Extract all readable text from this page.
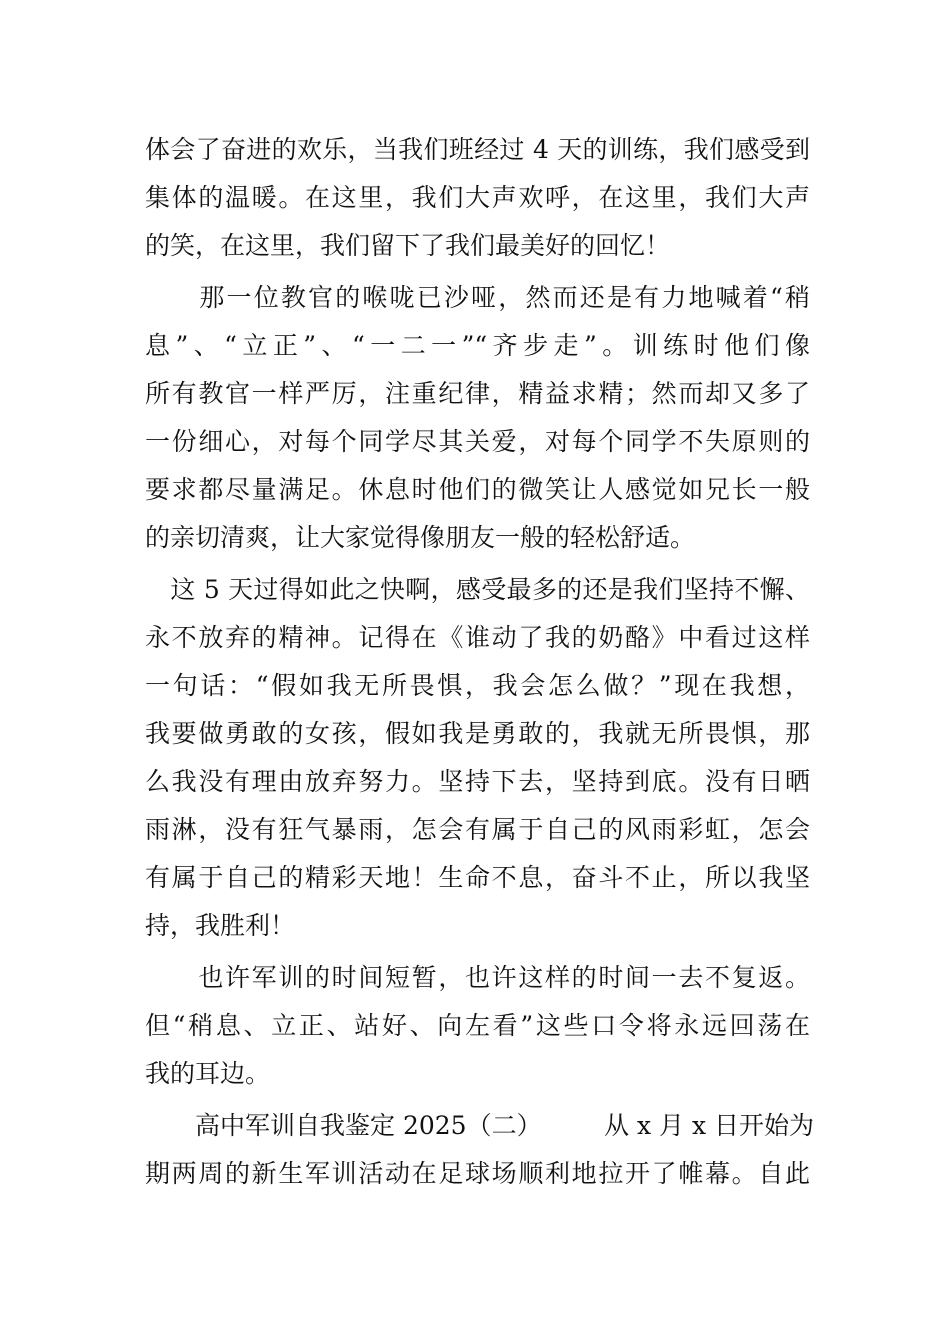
体会了奋进的欢乐，当我们班经过 4 天的训练，我们感受到
集体的温暖。在这里，我们大声欢呼，在这里，我们大声
的笑，在这里，我们留下了我们最美好的回忆！
　　那一位教官的喉咙已沙哑，然而还是有力地喊着“稍
息”、“立正”、“一二一”“齐步走”。训练时他们像
所有教官一样严厉，注重纪律，精益求精；然而却又多了
一份细心，对每个同学尽其关爱，对每个同学不失原则的
要求都尽量满足。休息时他们的微笑让人感觉如兄长一般
的亲切清爽，让大家觉得像朋友一般的轻松舒适。
　这 5 天过得如此之快啊，感受最多的还是我们坚持不懈、
永不放弃的精神。记得在《谁动了我的奶酪》中看过这样
一句话：“假如我无所畏惧，我会怎么做？”现在我想，
我要做勇敢的女孩，假如我是勇敢的，我就无所畏惧，那
么我没有理由放弃努力。坚持下去，坚持到底。没有日晒
雨淋，没有狂气暴雨，怎会有属于自己的风雨彩虹，怎会
有属于自己的精彩天地！生命不息，奋斗不止，所以我坚
持，我胜利！
　　也许军训的时间短暂，也许这样的时间一去不复返。
但“稍息、立正、站好、向左看”这些口令将永远回荡在
我的耳边。
　　高中军训自我鉴定 2025（二）　　　从 x 月 x 日开始为
期两周的新生军训活动在足球场顺利地拉开了帷幕。自此
